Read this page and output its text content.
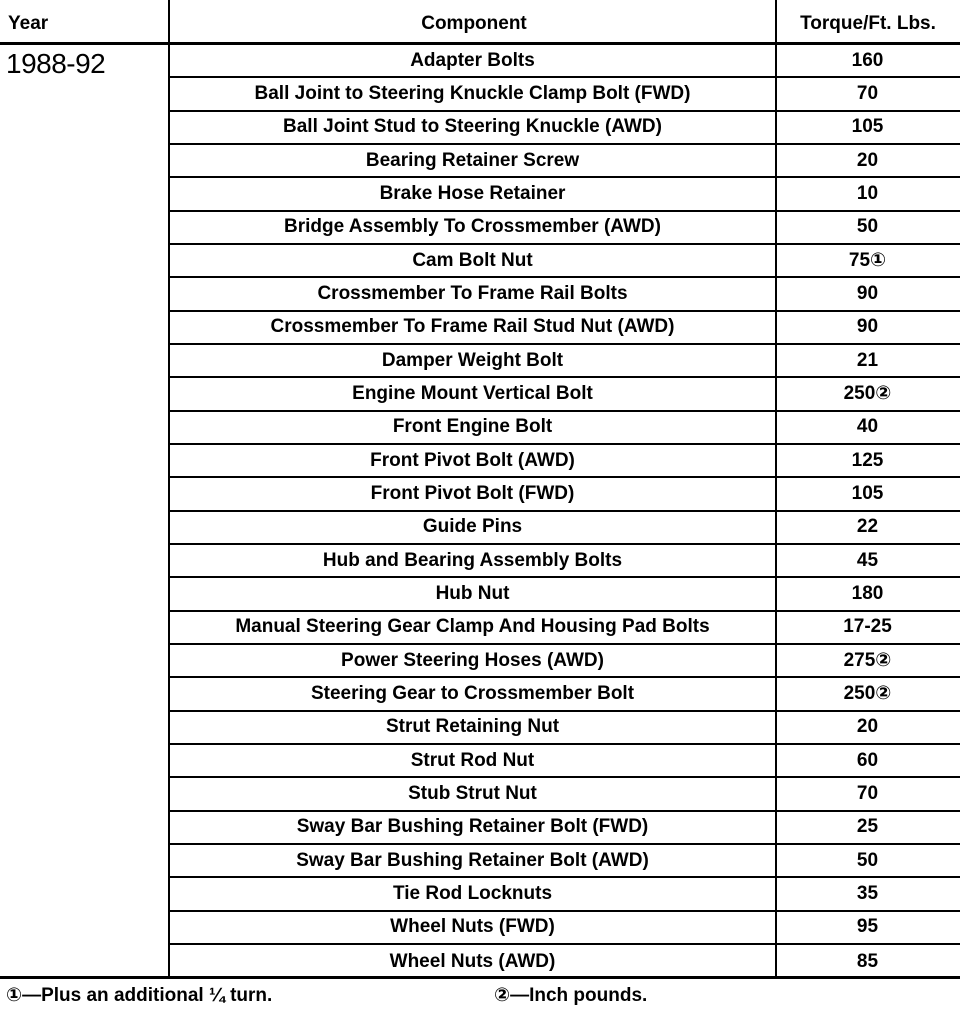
Year	Component	Torque/Ft. Lbs.
1988-92	Adapter Bolts	160
Ball Joint to Steering Knuckle Clamp Bolt (FWD)	70
Ball Joint Stud to Steering Knuckle (AWD)	105
Bearing Retainer Screw	20
Brake Hose Retainer	10
Bridge Assembly To Crossmember (AWD)	50
Cam Bolt Nut	75①
Crossmember To Frame Rail Bolts	90
Crossmember To Frame Rail Stud Nut (AWD)	90
Damper Weight Bolt	21
Engine Mount Vertical Bolt	250②
Front Engine Bolt	40
Front Pivot Bolt (AWD)	125
Front Pivot Bolt (FWD)	105
Guide Pins	22
Hub and Bearing Assembly Bolts	45
Hub Nut	180
Manual Steering Gear Clamp And Housing Pad Bolts	17-25
Power Steering Hoses (AWD)	275②
Steering Gear to Crossmember Bolt	250②
Strut Retaining Nut	20
Strut Rod Nut	60
Stub Strut Nut	70
Sway Bar Bushing Retainer Bolt (FWD)	25
Sway Bar Bushing Retainer Bolt (AWD)	50
Tie Rod Locknuts	35
Wheel Nuts (FWD)	95
Wheel Nuts (AWD)	85
①—Plus an additional ¼ turn.	②—Inch pounds.
